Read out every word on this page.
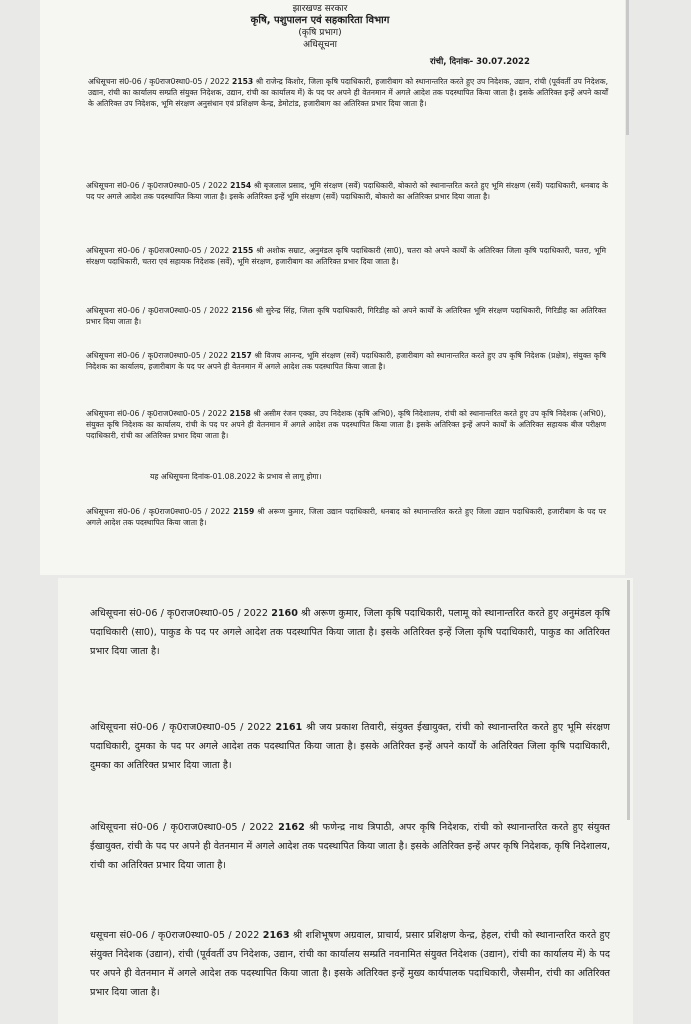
झारखण्ड सरकार
कृषि, पशुपालन एवं सहकारिता विभाग
(कृषि प्रभाग)
अधिसूचना
रांची, दिनांक- 30.07.2022
अधिसूचना सं0-06 / कृ0राज0स्था0-05 / 2022 2153 श्री राजेन्द्र किशोर, जिला कृषि पदाधिकारी, हजारीबाग को स्थानान्तरित करते हुए उप निदेशक, उद्यान, रांची (पूर्ववर्ती उप निदेशक, उद्यान, रांची का कार्यालय सम्प्रति संयुक्त निदेशक, उद्यान, रांची का कार्यालय में) के पद पर अपने ही वेतनमान में अगले आदेश तक पदस्थापित किया जाता है। इसके अतिरिक्त इन्हें अपने कार्यों के अतिरिक्त उप निदेशक, भूमि संरक्षण अनुसंधान एवं प्रशिक्षण केन्द्र, डेमोटांड, हजारीबाग का अतिरिक्त प्रभार दिया जाता है।
अधिसूचना सं0-06 / कृ0राज0स्था0-05 / 2022 2154 श्री बृजलाल प्रसाद, भूमि संरक्षण (सर्वे) पदाधिकारी, बोकारो को स्थानान्तरित करते हुए भूमि संरक्षण (सर्वे) पदाधिकारी, धनबाद के पद पर अगले आदेश तक पदस्थापित किया जाता है। इसके अतिरिक्त इन्हें भूमि संरक्षण (सर्वे) पदाधिकारी, बोकारो का अतिरिक्त प्रभार दिया जाता है।
अधिसूचना सं0-06 / कृ0राज0स्था0-05 / 2022 2155 श्री अशोक सम्राट, अनुमंडल कृषि पदाधिकारी (सा0), चतरा को अपने कार्यों के अतिरिक्त जिला कृषि पदाधिकारी, चतरा, भूमि संरक्षण पदाधिकारी, चतरा एवं सहायक निदेशक (सर्वे), भूमि संरक्षण, हजारीबाग का अतिरिक्त प्रभार दिया जाता है।
अधिसूचना सं0-06 / कृ0राज0स्था0-05 / 2022 2156 श्री सुरेन्द्र सिंह, जिला कृषि पदाधिकारी, गिरिडीह को अपने कार्यों के अतिरिक्त भूमि संरक्षण पदाधिकारी, गिरिडीह का अतिरिक्त प्रभार दिया जाता है।
अधिसूचना सं0-06 / कृ0राज0स्था0-05 / 2022 2157 श्री विजय आनन्द, भूमि संरक्षण (सर्वे) पदाधिकारी, हजारीबाग को स्थानान्तरित करते हुए उप कृषि निदेशक (प्रक्षेत्र), संयुक्त कृषि निदेशक का कार्यालय, हजारीबाग के पद पर अपने ही वेतनमान में अगले आदेश तक पदस्थापित किया जाता है।
अधिसूचना सं0-06 / कृ0राज0स्था0-05 / 2022 2158 श्री असीम रंजन एक्का, उप निदेशक (कृषि अभि0), कृषि निदेशालय, रांची को स्थानान्तरित करते हुए उप कृषि निदेशक (अभि0), संयुक्त कृषि निदेशक का कार्यालय, रांची के पद पर अपने ही वेतनमान में अगले आदेश तक पदस्थापित किया जाता है। इसके अतिरिक्त इन्हें अपने कार्यों के अतिरिक्त सहायक बीज परीक्षण पदाधिकारी, रांची का अतिरिक्त प्रभार दिया जाता है।
यह अधिसूचना दिनांक-01.08.2022 के प्रभाव से लागू होगा।
अधिसूचना सं0-06 / कृ0राज0स्था0-05 / 2022 2159 श्री अरूण कुमार, जिला उद्यान पदाधिकारी, धनबाद को स्थानान्तरित करते हुए जिला उद्यान पदाधिकारी, हजारीबाग के पद पर अगले आदेश तक पदस्थापित किया जाता है।
अधिसूचना सं0-06 / कृ0राज0स्था0-05 / 2022 2160 श्री अरूण कुमार, जिला कृषि पदाधिकारी, पलामू को स्थानान्तरित करते हुए अनुमंडल कृषि पदाधिकारी (सा0), पाकुड के पद पर अगले आदेश तक पदस्थापित किया जाता है। इसके अतिरिक्त इन्हें जिला कृषि पदाधिकारी, पाकुड का अतिरिक्त प्रभार दिया जाता है।
अधिसूचना सं0-06 / कृ0राज0स्था0-05 / 2022 2161 श्री जय प्रकाश तिवारी, संयुक्त ईखायुक्त, रांची को स्थानान्तरित करते हुए भूमि संरक्षण पदाधिकारी, दुमका के पद पर अगले आदेश तक पदस्थापित किया जाता है। इसके अतिरिक्त इन्हें अपने कार्यों के अतिरिक्त जिला कृषि पदाधिकारी, दुमका का अतिरिक्त प्रभार दिया जाता है।
अधिसूचना सं0-06 / कृ0राज0स्था0-05 / 2022 2162 श्री फणेन्द्र नाथ त्रिपाठी, अपर कृषि निदेशक, रांची को स्थानान्तरित करते हुए संयुक्त ईखायुक्त, रांची के पद पर अपने ही वेतनमान में अगले आदेश तक पदस्थापित किया जाता है। इसके अतिरिक्त इन्हें अपर कृषि निदेशक, कृषि निदेशालय, रांची का अतिरिक्त प्रभार दिया जाता है।
धसूचना सं0-06 / कृ0राज0स्था0-05 / 2022 2163 श्री शशिभूषण अग्रवाल, प्राचार्य, प्रसार प्रशिक्षण केन्द्र, हेहल, रांची को स्थानान्तरित करते हुए संयुक्त निदेशक (उद्यान), रांची (पूर्ववर्ती उप निदेशक, उद्यान, रांची का कार्यालय सम्प्रति नवनामित संयुक्त निदेशक (उद्यान), रांची का कार्यालय में) के पद पर अपने ही वेतनमान में अगले आदेश तक पदस्थापित किया जाता है। इसके अतिरिक्त इन्हें मुख्य कार्यपालक पदाधिकारी, जैसमीन, रांची का अतिरिक्त प्रभार दिया जाता है।
